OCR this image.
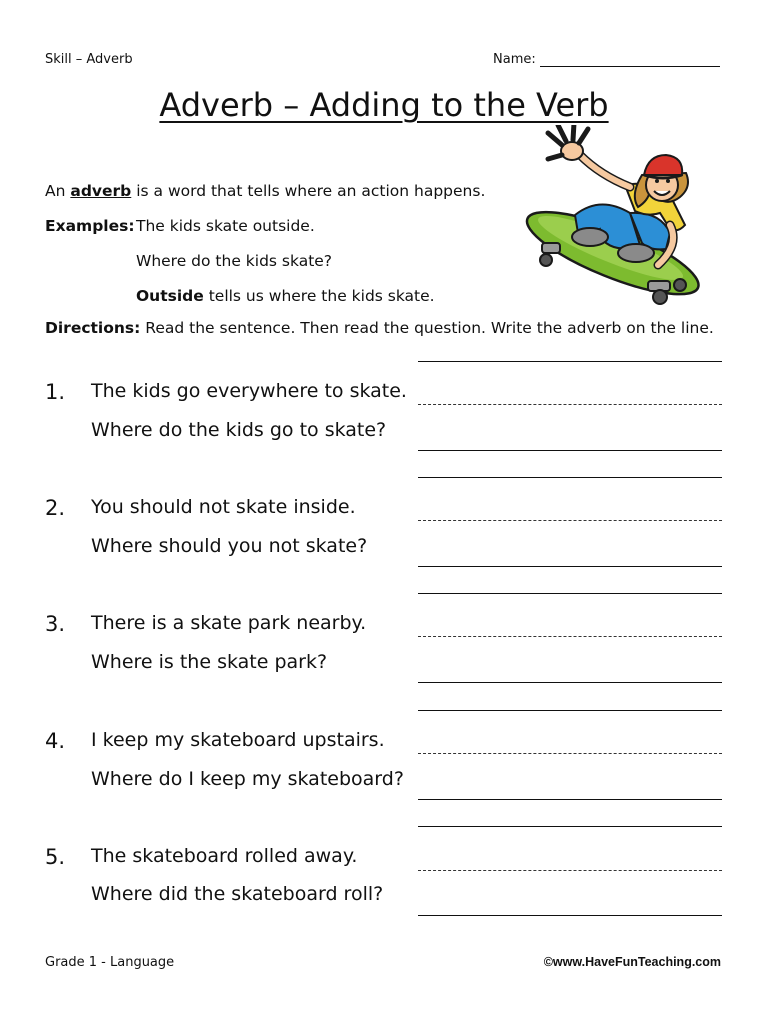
Skill – Adverb	Name:
Adverb – Adding to the Verb
An adverb is a word that tells where an action happens.
Examples: The kids skate outside.
Where do the kids skate?
Outside tells us where the kids skate.
Directions: Read the sentence. Then read the question. Write the adverb on the line.
1. The kids go everywhere to skate.
Where do the kids go to skate?
2. You should not skate inside.
Where should you not skate?
3. There is a skate park nearby.
Where is the skate park?
4. I keep my skateboard upstairs.
Where do I keep my skateboard?
5. The skateboard rolled away.
Where did the skateboard roll?
Grade 1 - Language	©www.HaveFunTeaching.com
